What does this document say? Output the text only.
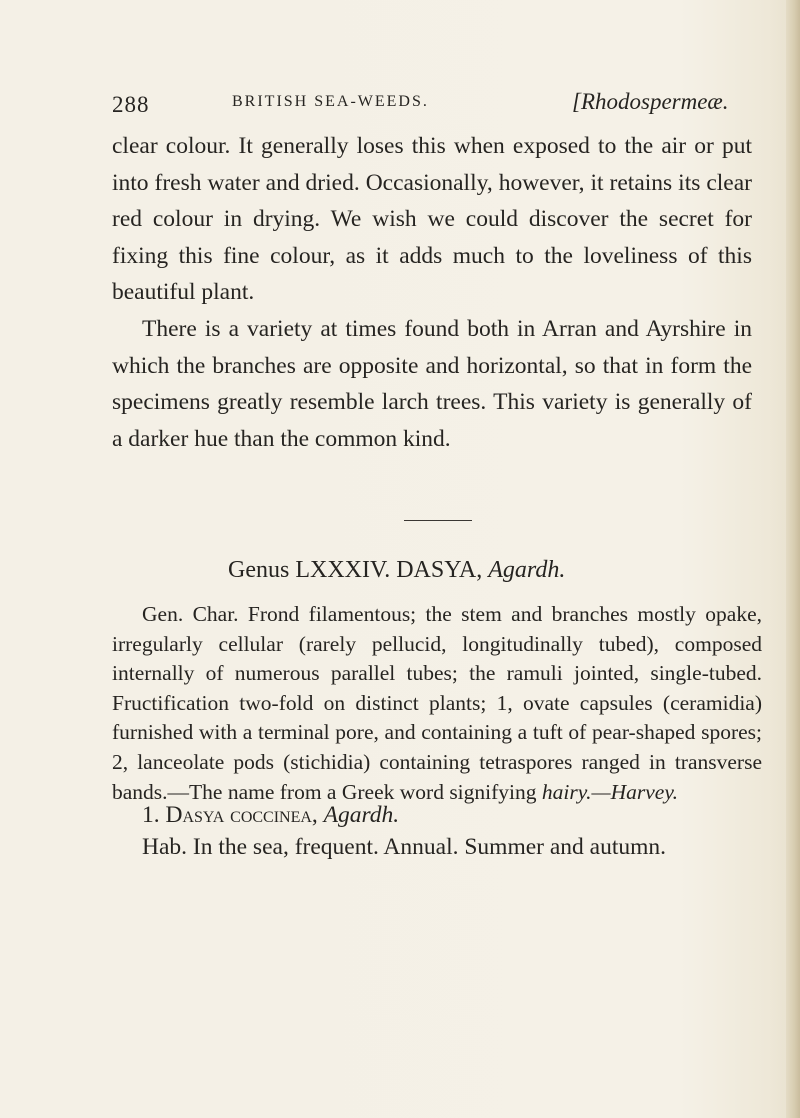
288	BRITISH SEA-WEEDS.	[Rhodospermeæ.

clear colour. It generally loses this when exposed to the air or put into fresh water and dried. Occasionally, however, it retains its clear red colour in drying. We wish we could discover the secret for fixing this fine colour, as it adds much to the loveliness of this beautiful plant.

There is a variety at times found both in Arran and Ayrshire in which the branches are opposite and horizontal, so that in form the specimens greatly resemble larch trees. This variety is generally of a darker hue than the common kind.

Genus LXXXIV. DASYA, Agardh.

Gen. Char. Frond filamentous; the stem and branches mostly opake, irregularly cellular (rarely pellucid, longitudinally tubed), composed internally of numerous parallel tubes; the ramuli jointed, single-tubed. Fructification two-fold on distinct plants; 1, ovate capsules (ceramidia) furnished with a terminal pore, and containing a tuft of pear-shaped spores; 2, lanceolate pods (stichidia) containing tetraspores ranged in transverse bands.—The name from a Greek word signifying hairy.—Harvey.

1. Dasya coccinea, Agardh.
Hab. In the sea, frequent. Annual. Summer and autumn.
